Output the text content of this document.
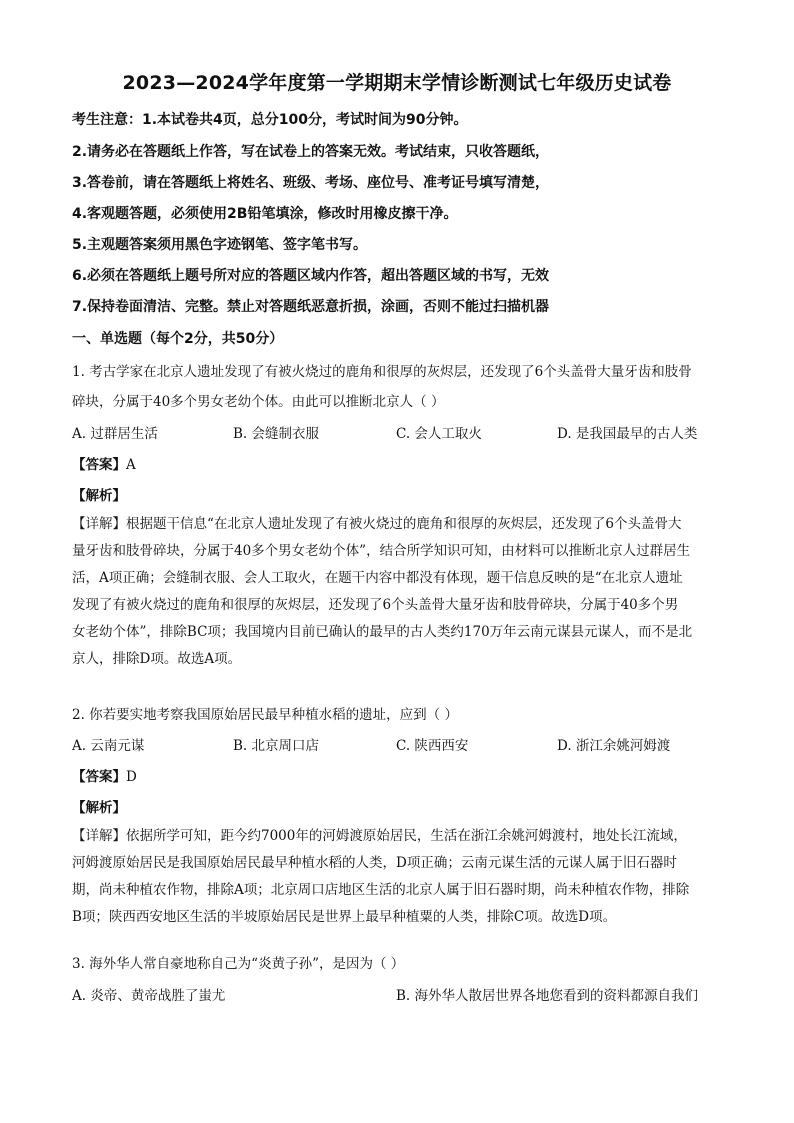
2023—2024学年度第一学期期末学情诊断测试七年级历史试卷
考生注意：1.本试卷共4页，总分100分，考试时间为90分钟。
2.请务必在答题纸上作答，写在试卷上的答案无效。考试结束，只收答题纸，
3.答卷前，请在答题纸上将姓名、班级、考场、座位号、准考证号填写清楚，
4.客观题答题，必须使用2B铅笔填涂，修改时用橡皮擦干净。
5.主观题答案须用黑色字迹钢笔、签字笔书写。
6.必须在答题纸上题号所对应的答题区域内作答，超出答题区域的书写，无效
7.保持卷面清洁、完整。禁止对答题纸恶意折损，涂画，否则不能过扫描机器
一、单选题（每个2分，共50分）
1. 考古学家在北京人遗址发现了有被火烧过的鹿角和很厚的灰烬层，还发现了6个头盖骨大量牙齿和肢骨
碎块，分属于40多个男女老幼个体。由此可以推断北京人（ ）
A. 过群居生活	B. 会缝制衣服	C. 会人工取火	D. 是我国最早的古人类
【答案】A
【解析】
【详解】根据题干信息“在北京人遗址发现了有被火烧过的鹿角和很厚的灰烬层，还发现了6个头盖骨大
量牙齿和肢骨碎块，分属于40多个男女老幼个体”，结合所学知识可知，由材料可以推断北京人过群居生
活，A项正确；会缝制衣服、会人工取火，在题干内容中都没有体现，题干信息反映的是“在北京人遗址
发现了有被火烧过的鹿角和很厚的灰烬层，还发现了6个头盖骨大量牙齿和肢骨碎块，分属于40多个男
女老幼个体”，排除BC项；我国境内目前已确认的最早的古人类约170万年云南元谋县元谋人，而不是北
京人，排除D项。故选A项。
2. 你若要实地考察我国原始居民最早种植水稻的遗址，应到（ ）
A. 云南元谋	B. 北京周口店	C. 陕西西安	D. 浙江余姚河姆渡
【答案】D
【解析】
【详解】依据所学可知，距今约7000年的河姆渡原始居民，生活在浙江余姚河姆渡村，地处长江流域，
河姆渡原始居民是我国原始居民最早种植水稻的人类，D项正确；云南元谋生活的元谋人属于旧石器时
期，尚未种植农作物，排除A项；北京周口店地区生活的北京人属于旧石器时期，尚未种植农作物，排除
B项；陕西西安地区生活的半坡原始居民是世界上最早种植粟的人类，排除C项。故选D项。
3. 海外华人常自豪地称自己为“炎黄子孙”，是因为（ ）
A. 炎帝、黄帝战胜了蚩尤	B. 海外华人散居世界各地您看到的资料都源自我们
